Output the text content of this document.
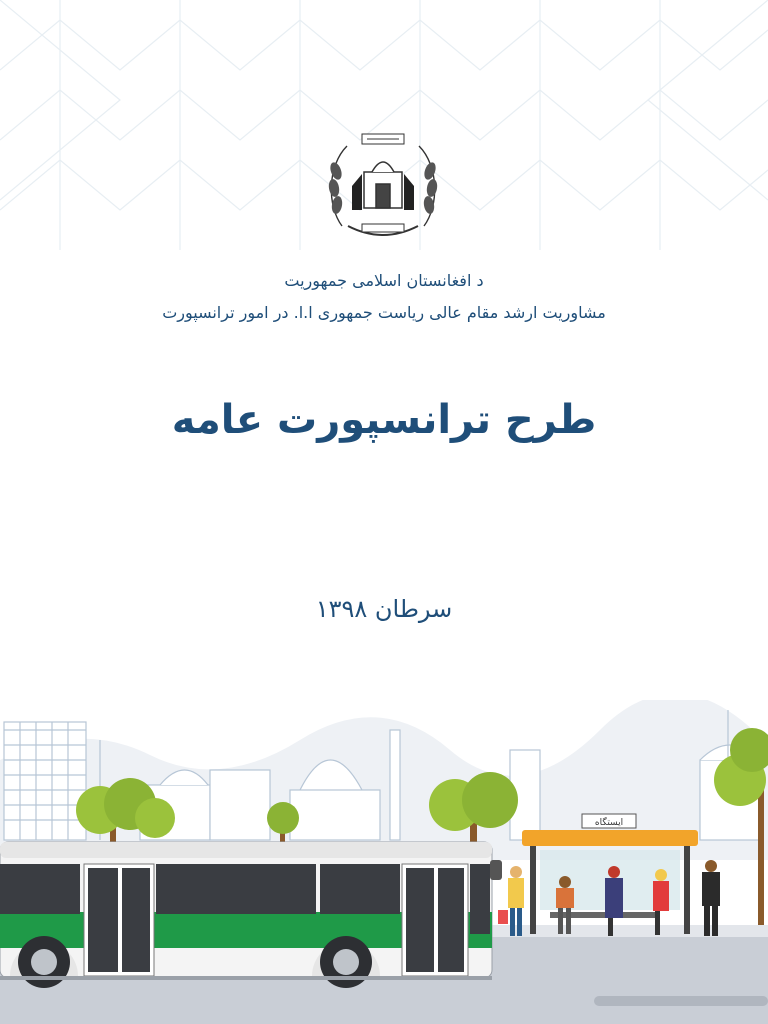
د افغانستان اسلامی جمهوریت
مشاوریت ارشد مقام عالی ریاست جمهوری ا.ا. در امور ترانسپورت
طرح ترانسپورت عامه
سرطان ۱۳۹۸
ایستگاه
